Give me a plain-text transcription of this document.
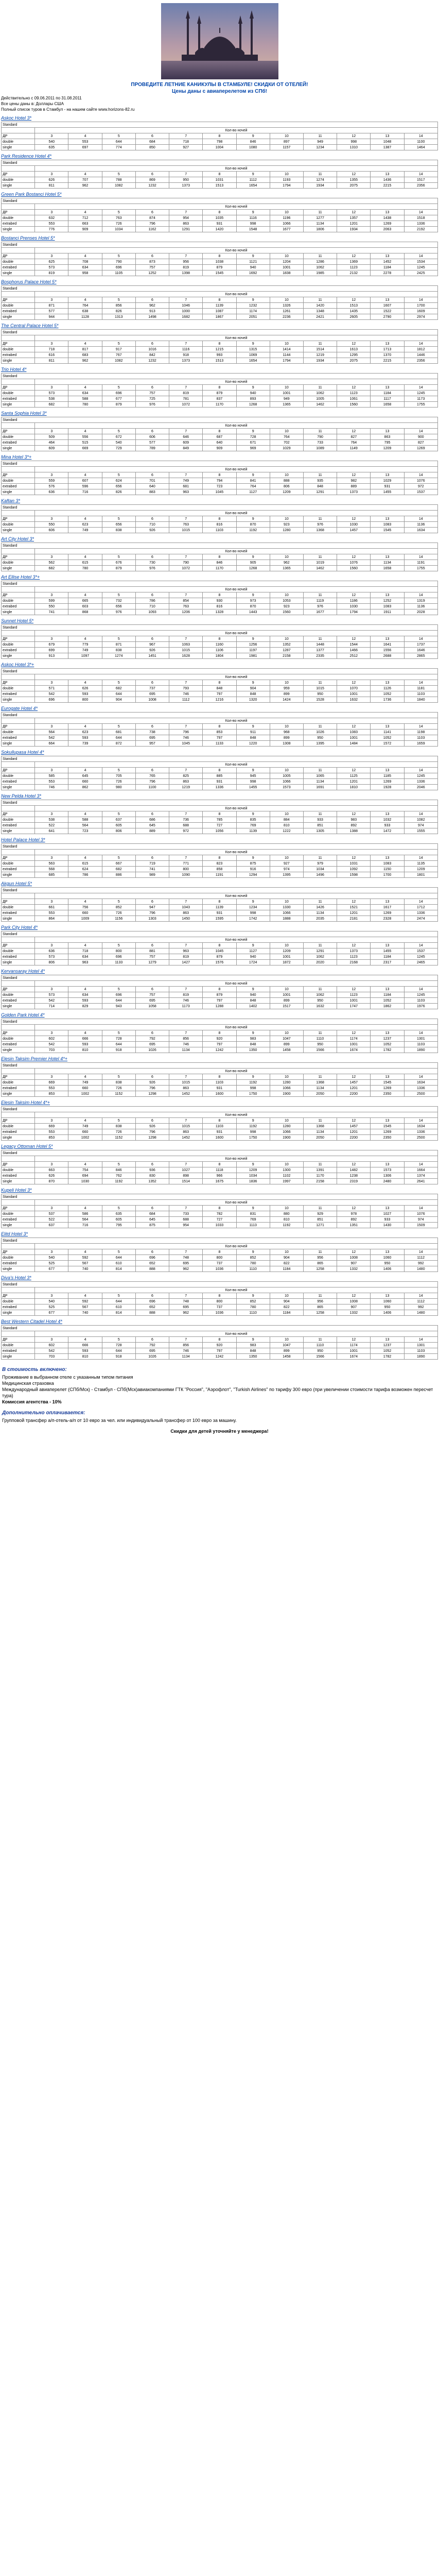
ПРОВЕДИТЕ ЛЕТНИЕ КАНИКУЛЫ В СТАМБУЛЕ! СКИДКИ ОТ ОТЕЛЕЙ!
Цены даны с авиаперелетом из СПб!

Действительно с 09.06.2011 по 31.08.2011

Все цены даны в: Доллары США

Полный список туров в Стамбул - на нашем сайте www.horizons-82.ru

Askoc Hotel 3*
Standard												
	Кол-во ночей											
ДР	3	4	5	6	7	8	9	10	11	12	13	14
double	540	553	644	684	718	798	846	897	949	998	1048	1100
single	635	697	774	850	927	1004	1080	1157	1234	1310	1387	1464
Park Residence Hotel 4*
Standard												
	Кол-во ночей											
ДР	3	4	5	6	7	8	9	10	11	12	13	14
double	626	707	788	869	950	1031	1112	1193	1274	1355	1436	1517
single	811	962	1082	1232	1373	1513	1654	1794	1934	2075	2215	2356
Green Park Bostanci Hotel 5*
Standard												
	Кол-во ночей											
ДР	3	4	5	6	7	8	9	10	11	12	13	14
double	632	712	763	874	954	1035	1116	1196	1277	1357	1438	1518
extrabed	553	663	726	796	863	931	998	1066	1134	1201	1269	1336
single	776	909	1034	1162	1291	1420	1548	1677	1806	1934	2063	2192
Bostanci Prenses Hotel 5*
Standard												
	Кол-во ночей											
ДР	3	4	5	6	7	8	9	10	11	12	13	14
double	625	708	790	873	956	1038	1121	1204	1286	1369	1452	1534
extrabed	573	634	696	757	819	879	940	1001	1062	1123	1184	1245
single	819	958	1105	1252	1398	1545	1692	1838	1985	2132	2278	2425
Bosphorus Palace Hotel 5*
Standard												
	Кол-во ночей											
ДР	3	4	5	6	7	8	9	10	11	12	13	14
double	871	764	856	962	1046	1139	1232	1326	1420	1513	1607	1700
extrabed	577	638	826	913	1000	1087	1174	1261	1348	1435	1522	1609
single	944	1128	1313	1498	1682	1867	2051	2236	2421	2605	2790	2974
The Central Palace Hotel 5*
Standard												
	Кол-во ночей											
ДР	3	4	5	6	7	8	9	10	11	12	13	14
double	718	817	917	1016	1116	1215	1315	1414	1514	1613	1713	1812
extrabed	616	683	767	842	918	993	1069	1144	1219	1295	1370	1446
single	811	962	1082	1232	1373	1513	1654	1794	1934	2075	2215	2356
Trio Hotel 4*
Standard												
	Кол-во ночей											
ДР	3	4	5	6	7	8	9	10	11	12	13	14
double	573	634	696	757	819	879	940	1001	1062	1123	1184	1245
extrabed	538	588	677	725	781	837	893	949	1005	1061	1117	1173
single	682	780	879	976	1072	1170	1268	1365	1462	1560	1658	1755
Santa Sophia Hotel 3*
Standard												
	Кол-во ночей											
ДР	3	4	5	6	7	8	9	10	11	12	13	14
double	509	556	672	606	646	687	728	764	790	827	863	900
extrabed	464	515	540	577	609	640	671	702	733	764	795	827
single	609	669	729	789	849	909	969	1029	1089	1149	1209	1269
Mina Hotel 3*+
Standard												
	Кол-во ночей											
ДР	3	4	5	6	7	8	9	10	11	12	13	14
double	559	607	624	701	749	794	841	888	935	982	1029	1076
extrabed	576	596	656	640	681	723	764	806	848	889	931	972
single	636	716	826	883	963	1045	1127	1209	1291	1373	1455	1537
Kaftan 3*
Standard												
	Кол-во ночей											
ДР	3	4	5	6	7	8	9	10	11	12	13	14
double	550	623	656	710	763	816	870	923	976	1030	1083	1136
single	606	749	838	926	1015	1103	1192	1280	1368	1457	1545	1634
Art City Hotel 3*
Standard												
	Кол-во ночей											
ДР	3	4	5	6	7	8	9	10	11	12	13	14
double	562	615	676	730	790	846	905	962	1019	1076	1134	1191
single	682	780	879	976	1072	1170	1268	1365	1462	1560	1658	1755
Art Ellise Hotel 3*+
Standard												
	Кол-во ночей											
ДР	3	4	5	6	7	8	9	10	11	12	13	14
double	599	665	732	786	854	930	973	1053	1119	1186	1252	1319
extrabed	550	603	656	710	763	816	870	923	976	1030	1083	1136
single	741	868	976	1093	1206	1328	1443	1560	1677	1794	1911	2028
Sunnet Hotel 5*
Standard												
	Кол-во ночей											
ДР	3	4	5	6	7	8	9	10	11	12	13	14
double	679	779	871	967	1063	1160	1256	1352	1448	1544	1641	1737
extrabed	699	749	838	926	1015	1106	1197	1287	1377	1466	1556	1646
single	913	1097	1274	1451	1628	1804	1981	2158	2335	2512	2688	2865
Askoc Hotel 3*+
Standard												
	Кол-во ночей											
ДР	3	4	5	6	7	8	9	10	11	12	13	14
double	571	626	682	737	793	848	904	959	1015	1070	1126	1181
extrabed	542	593	644	695	746	797	848	899	950	1001	1052	1103
single	696	800	904	1008	1112	1216	1320	1424	1528	1632	1736	1840
Eurogate Hotel 4*
Standard												
	Кол-во ночей											
ДР	3	4	5	6	7	8	9	10	11	12	13	14
double	564	623	681	738	796	853	911	968	1026	1083	1141	1198
extrabed	542	593	644	695	746	797	848	899	950	1001	1052	1103
single	664	739	872	957	1045	1133	1220	1308	1395	1484	1572	1659
Sokullupasa Hotel 4*
Standard												
	Кол-во ночей											
ДР	3	4	5	6	7	8	9	10	11	12	13	14
double	585	645	705	765	825	885	945	1005	1065	1125	1185	1245
extrabed	553	660	726	796	863	931	998	1066	1134	1201	1269	1336
single	746	862	980	1100	1219	1336	1455	1573	1691	1810	1928	2046
New Pelda Hotel 3*
Standard												
	Кол-во ночей											
ДР	3	4	5	6	7	8	9	10	11	12	13	14
double	538	588	637	686	736	785	835	884	933	983	1032	1082
extrabed	522	564	605	645	688	727	769	810	851	892	933	974
single	641	723	806	889	972	1056	1139	1222	1305	1388	1472	1555
Hotel Palace Hotel 3*
Standard												
	Кол-во ночей											
ДР	3	4	5	6	7	8	9	10	11	12	13	14
double	563	615	667	719	771	823	875	927	979	1031	1083	1135
extrabed	568	624	682	741	800	858	916	974	1034	1092	1150	1209
single	685	786	886	989	1090	1191	1294	1395	1496	1598	1700	1801
Akgun Hotel 5*
Standard												
	Кол-во ночей											
ДР	3	4	5	6	7	8	9	10	11	12	13	14
double	661	756	852	947	1043	1139	1234	1330	1426	1521	1617	1712
extrabed	553	660	726	796	863	931	998	1066	1134	1201	1269	1336
single	864	1009	1156	1303	1450	1595	1742	1888	2035	2181	2328	2474
Park City Hotel 4*
Standard												
	Кол-во ночей											
ДР	3	4	5	6	7	8	9	10	11	12	13	14
double	636	718	800	881	963	1045	1127	1209	1291	1373	1455	1537
extrabed	573	634	696	757	819	879	940	1001	1062	1123	1184	1245
single	806	963	1133	1279	1427	1576	1724	1872	2020	2168	2317	2465
Kervansaray Hotel 4*
Standard												
	Кол-во ночей											
ДР	3	4	5	6	7	8	9	10	11	12	13	14
double	573	634	696	757	819	879	940	1001	1062	1123	1184	1245
extrabed	542	593	644	695	746	797	848	899	950	1001	1052	1103
single	714	829	943	1058	1173	1288	1402	1517	1632	1747	1862	1976
Golden Park Hotel 4*
Standard												
	Кол-во ночей											
ДР	3	4	5	6	7	8	9	10	11	12	13	14
double	602	666	728	792	856	920	983	1047	1110	1174	1237	1301
extrabed	542	593	644	695	746	797	848	899	950	1001	1052	1103
single	703	810	918	1026	1134	1242	1350	1458	1566	1674	1782	1890
Elesin Taksim Premier Hotel 4*+
Standard												
	Кол-во ночей											
ДР	3	4	5	6	7	8	9	10	11	12	13	14
double	669	749	838	926	1015	1103	1192	1280	1368	1457	1545	1634
extrabed	553	660	726	796	863	931	998	1066	1134	1201	1269	1336
single	853	1002	1152	1298	1452	1600	1750	1900	2050	2200	2350	2500
Elesin Taksim Hotel 4*+
Standard												
	Кол-во ночей											
ДР	3	4	5	6	7	8	9	10	11	12	13	14
double	669	749	838	926	1015	1103	1192	1280	1368	1457	1545	1634
extrabed	553	660	726	796	863	931	998	1066	1134	1201	1269	1336
single	853	1002	1152	1298	1452	1600	1750	1900	2050	2200	2350	2500
Legacy Ottoman Hotel 5*
Standard												
	Кол-во ночей											
ДР	3	4	5	6	7	8	9	10	11	12	13	14
double	663	754	846	936	1027	1118	1209	1300	1391	1482	1573	1664
extrabed	626	694	762	830	898	966	1034	1102	1170	1238	1306	1374
single	870	1030	1192	1352	1514	1675	1836	1997	2158	2319	2480	2641
Kupeli Hotel 3*
Standard												
	Кол-во ночей											
ДР	3	4	5	6	7	8	9	10	11	12	13	14
double	537	586	635	684	733	782	831	880	929	978	1027	1076
extrabed	522	564	605	645	688	727	769	810	851	892	933	974
single	637	716	795	875	954	1033	1113	1192	1271	1351	1430	1509
Elitd Hotel 3*
Standard												
	Кол-во ночей											
ДР	3	4	5	6	7	8	9	10	11	12	13	14
double	540	592	644	696	748	800	852	904	956	1008	1060	1112
extrabed	525	567	610	652	695	737	780	822	865	907	950	992
single	677	740	814	888	962	1036	1110	1184	1258	1332	1406	1480
Diva's Hotel 3*
Standard												
	Кол-во ночей											
ДР	3	4	5	6	7	8	9	10	11	12	13	14
double	540	592	644	696	748	800	852	904	956	1008	1060	1112
extrabed	525	567	610	652	695	737	780	822	865	907	950	992
single	677	740	814	888	962	1036	1110	1184	1258	1332	1406	1480
Best Western Citadel Hotel 4*
Standard												
	Кол-во ночей											
ДР	3	4	5	6	7	8	9	10	11	12	13	14
double	602	666	728	792	856	920	983	1047	1110	1174	1237	1301
extrabed	542	593	644	695	746	797	848	899	950	1001	1052	1103
single	703	810	918	1026	1134	1242	1350	1458	1566	1674	1782	1890
В стоимость включено:

Проживание в выбранном отеле с указанным типом питания

Медицинская страховка

Международный авиаперелет (СПб/Мск) - Стамбул - СПб(Мск)авиакомпаниями ГТК "Россия", "Аэрофлот", "Turkish Airlines" по тарифу 300 евро (при увеличении стоимости тарифа возможен пересчет тура)

Комиссия агентства - 10%

Дополнительно оплачивается:

Групповой трансфер а/п-отель-а/п от 10 евро за чел. или индивидуальный трансфер от 100 евро за машину.

Скидки для детей уточняйте у менеджера!
